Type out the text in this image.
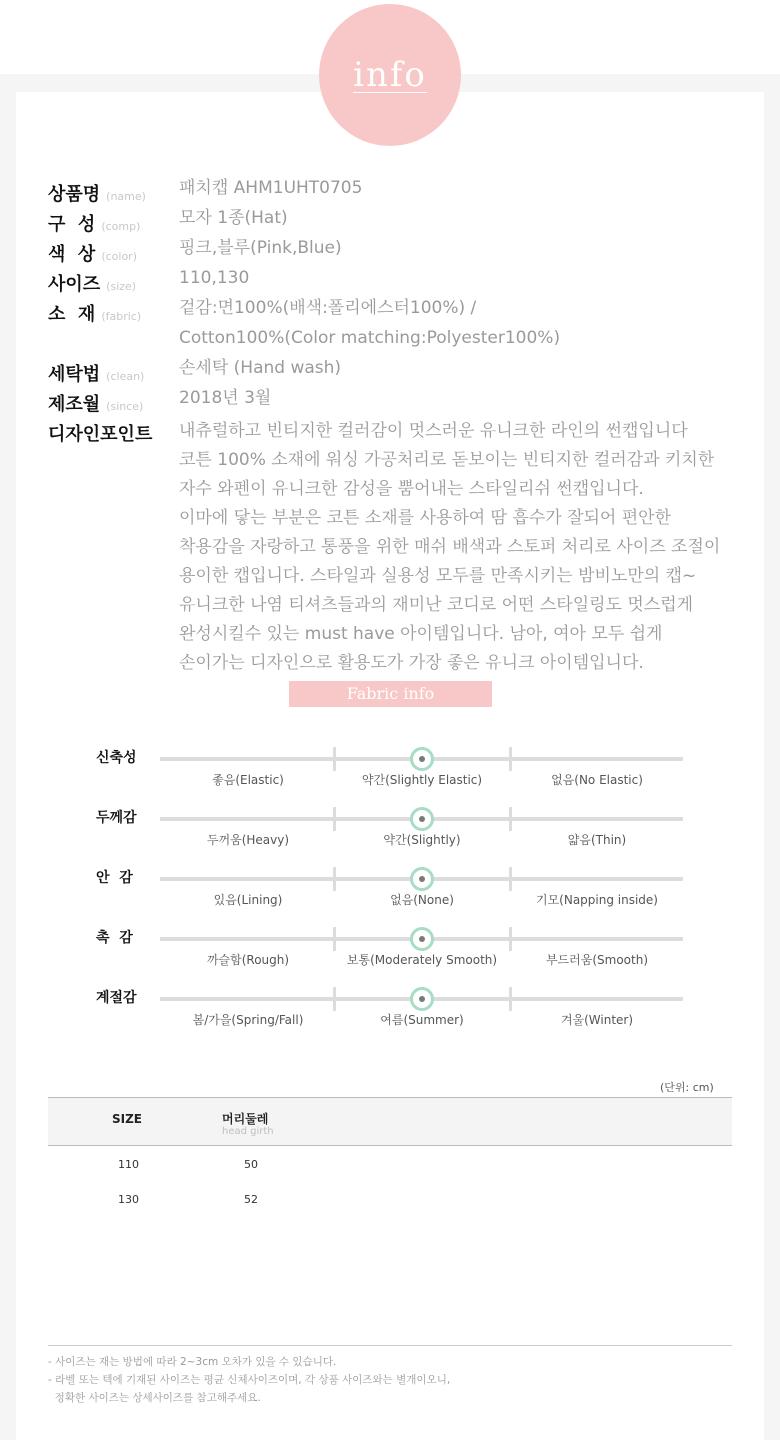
info
상품명 (name) 패치캡 AHM1UHT0705
구  성 (comp) 모자 1종(Hat)
색  상 (color) 핑크,블루(Pink,Blue)
사이즈 (size)	110,130
소  재 (fabric) 겉감:면100%(배색:폴리에스터100%) /
Cotton100%(Color matching:Polyester100%)
세탁법 (clean) 손세탁 (Hand wash)
제조월 (since) 2018년 3월
디자인포인트 내츄럴하고 빈티지한 컬러감이 멋스러운 유니크한 라인의 썬캡입니다
코튼 100% 소재에 워싱 가공처리로 돋보이는 빈티지한 컬러감과 키치한
자수 와펜이 유니크한 감성을 뿜어내는 스타일리쉬 썬캡입니다.
이마에 닿는 부분은 코튼 소재를 사용하여 땀 흡수가 잘되어 편안한
착용감을 자랑하고 통풍을 위한 매쉬 배색과 스토퍼 처리로 사이즈 조절이
용이한 캡입니다. 스타일과 실용성 모두를 만족시키는 밤비노만의 캡~
유니크한 나염 티셔츠들과의 재미난 코디로 어떤 스타일링도 멋스럽게
완성시킬수 있는 must have 아이템입니다. 남아, 여아 모두 쉽게
손이가는 디자인으로 활용도가 가장 좋은 유니크 아이템입니다.
Fabric info
신축성
좋음(Elastic)	약간(Slightly Elastic)	없음(No Elastic)
두께감
두꺼움(Heavy)	약간(Slightly)	얇음(Thin)
안  감
있음(Lining)	없음(None)	기모(Napping inside)
촉  감
까슬함(Rough)	보통(Moderately Smooth)	부드러움(Smooth)
계절감
봄/가을(Spring/Fall)	여름(Summer)	겨울(Winter)
(단위: cm)
SIZE	머리둘레
head girth
110	50
130	52
- 사이즈는 재는 방법에 따라 2~3cm 오차가 있을 수 있습니다.
- 라벨 또는 텍에 기재된 사이즈는 평균 신체사이즈이며, 각 상품 사이즈와는 별개이오니,
정확한 사이즈는 상세사이즈를 참고해주세요.
